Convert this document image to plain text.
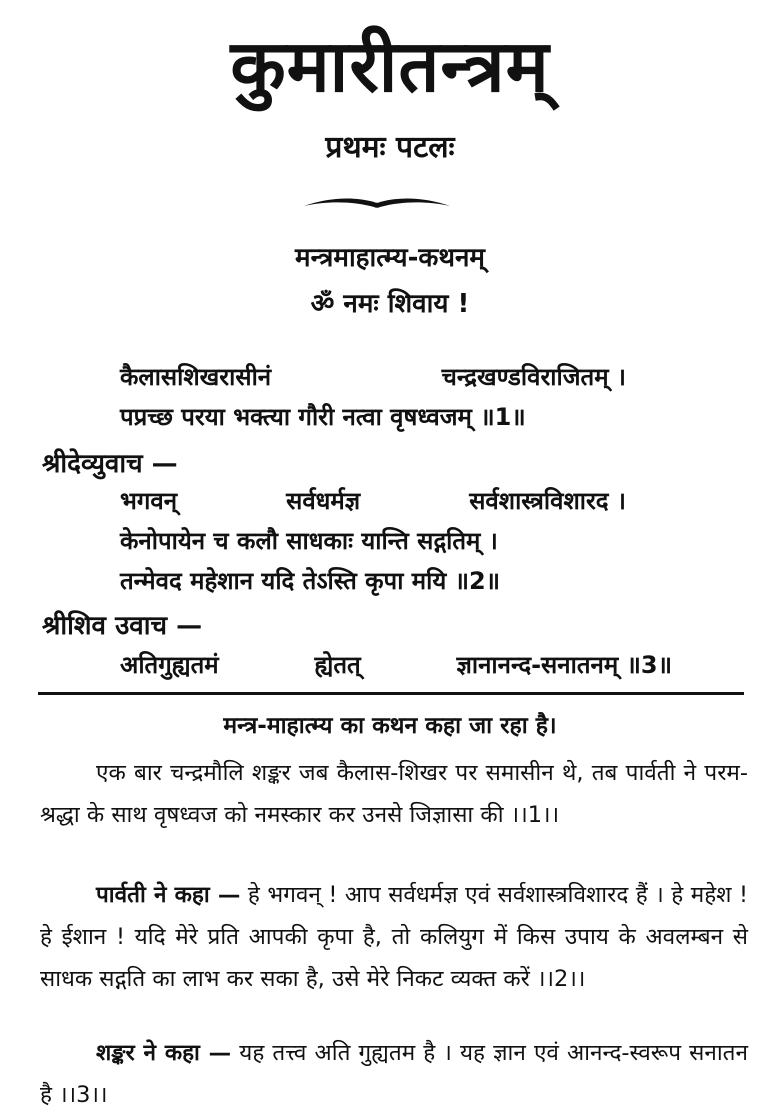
कुमारीतन्त्रम्
प्रथमः पटलः
मन्त्रमाहात्म्य-कथनम्
ॐ नमः शिवाय !
कैलासशिखरासीनं	चन्द्रखण्डविराजितम् ।
पप्रच्छ परया भक्त्या गौरी नत्वा वृषध्वजम् ॥1॥
श्रीदेव्युवाच —
भगवन्	सर्वधर्मज्ञ	सर्वशास्त्रविशारद ।
केनोपायेन च कलौ साधकाः यान्ति सद्गतिम् ।
तन्मेवद महेशान यदि तेऽस्ति कृपा मयि ॥2॥
श्रीशिव उवाच —
अतिगुह्यतमं	ह्येतत्	ज्ञानानन्द-सनातनम् ॥3॥
मन्त्र-माहात्म्य का कथन कहा जा रहा है।
एक बार चन्द्रमौलि शङ्कर जब कैलास-शिखर पर समासीन थे, तब पार्वती ने परम-श्रद्धा के साथ वृषध्वज को नमस्कार कर उनसे जिज्ञासा की ।।1।।
पार्वती ने कहा — हे भगवन् ! आप सर्वधर्मज्ञ एवं सर्वशास्त्रविशारद हैं । हे महेश ! हे ईशान ! यदि मेरे प्रति आपकी कृपा है, तो कलियुग में किस उपाय के अवलम्बन से साधक सद्गति का लाभ कर सका है, उसे मेरे निकट व्यक्त करें ।।2।।
शङ्कर ने कहा — यह तत्त्व अति गुह्यतम है । यह ज्ञान एवं आनन्द-स्वरूप सनातन है ।।3।।
